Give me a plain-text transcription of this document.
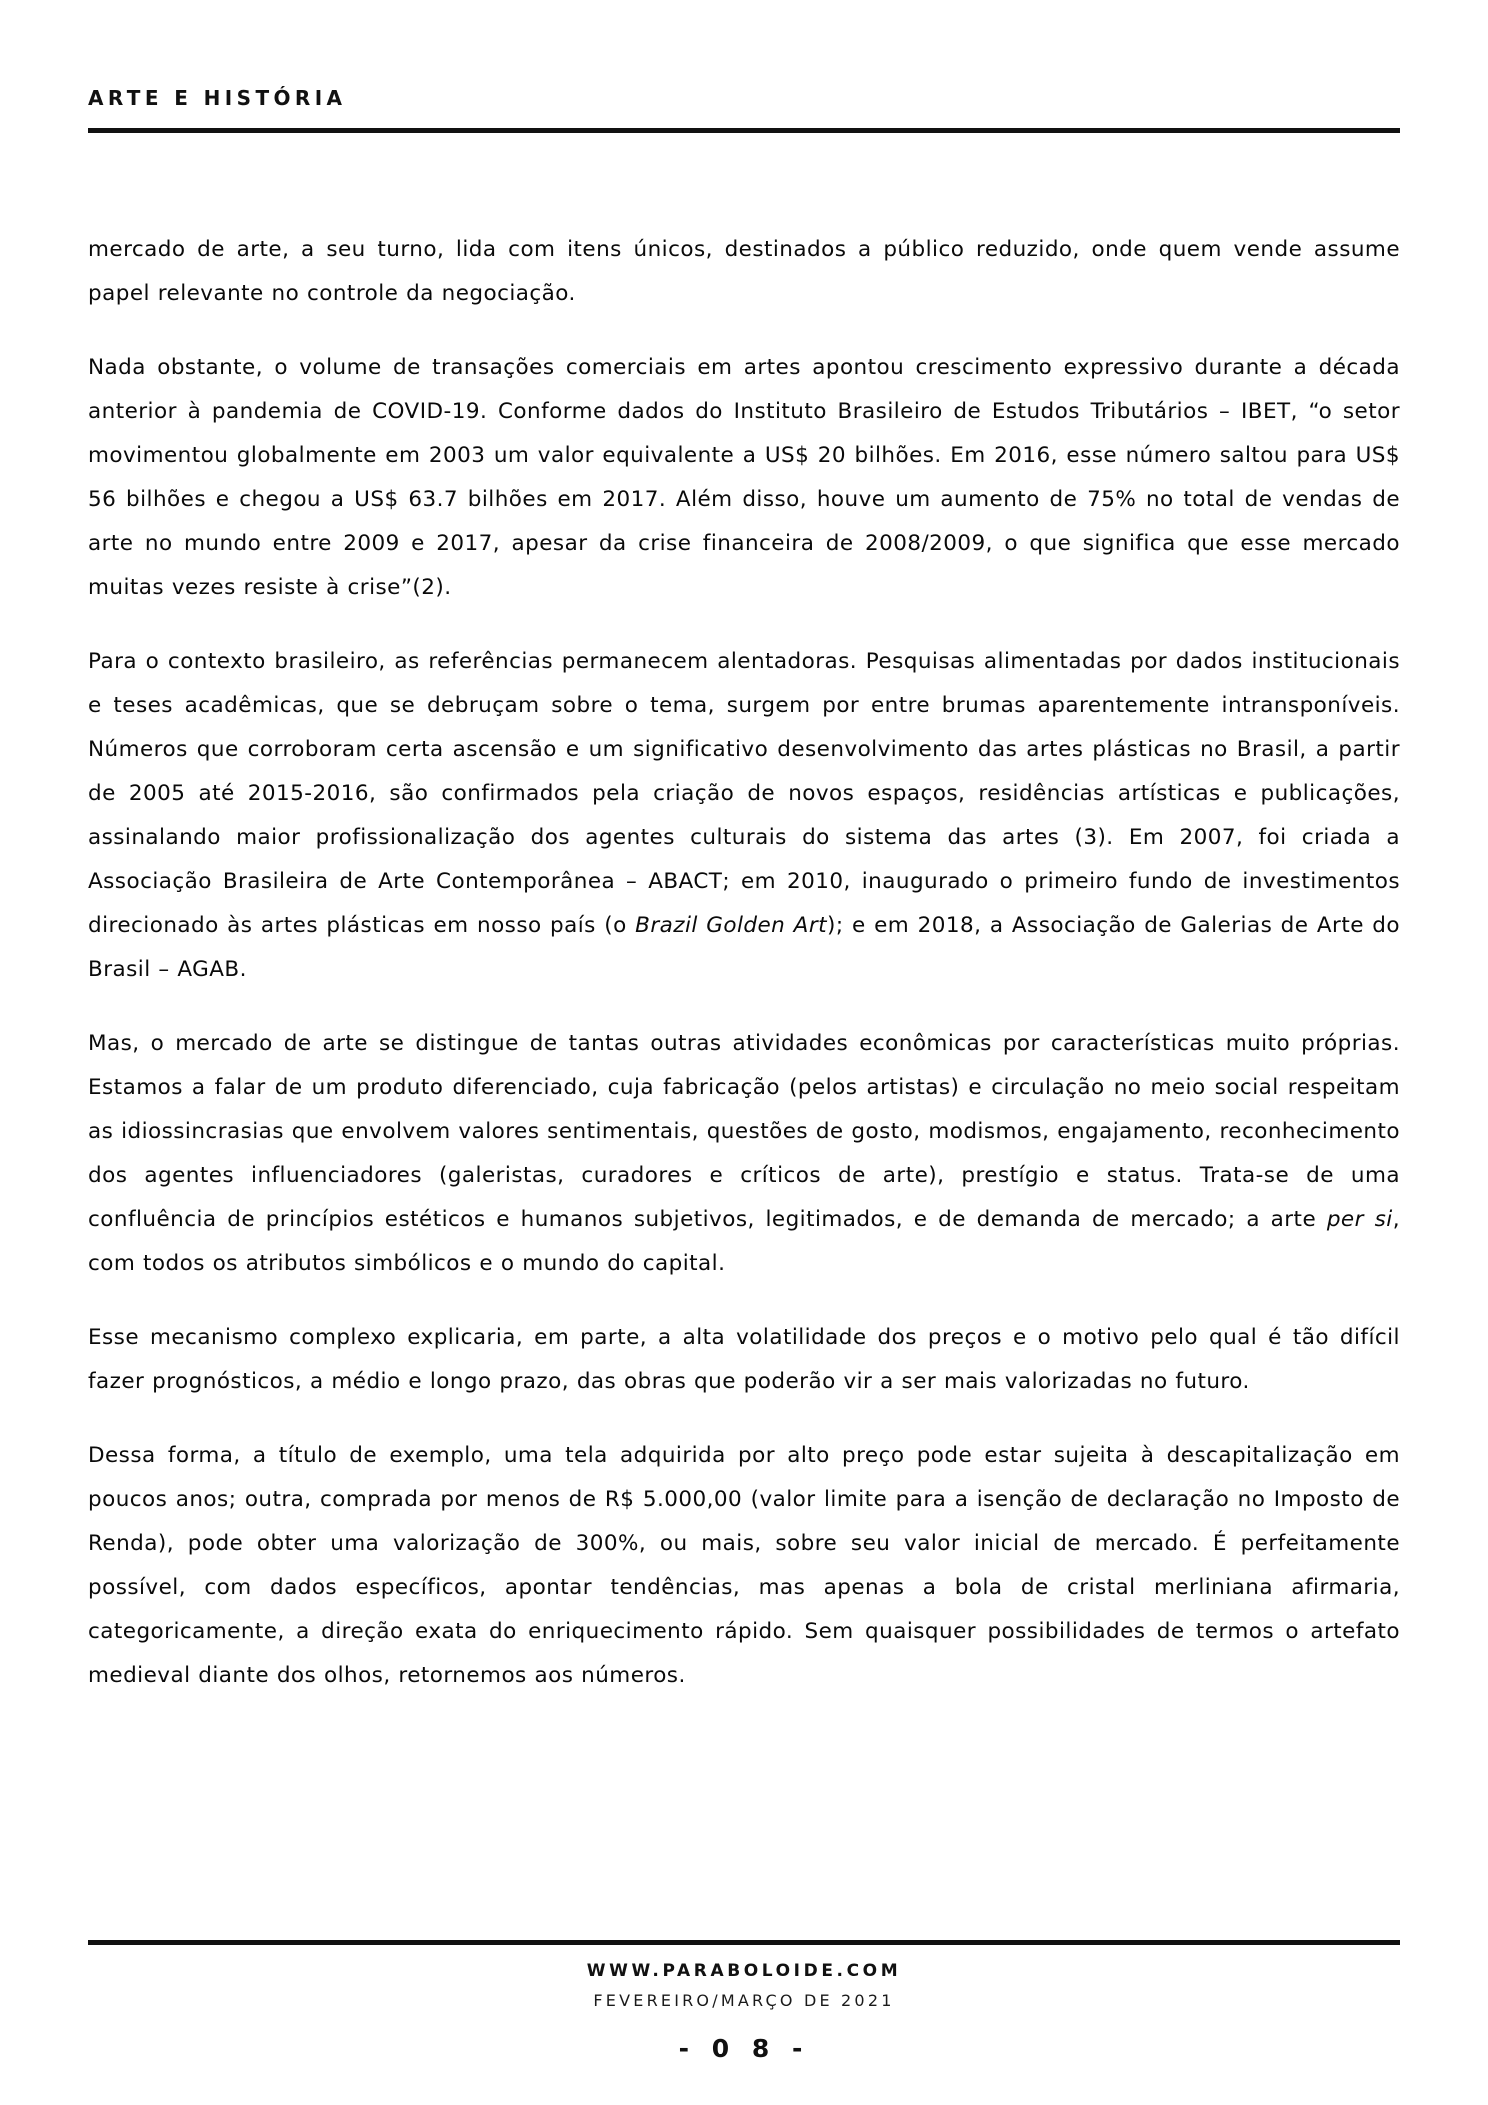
ARTE E HISTÓRIA

mercado de arte, a seu turno, lida com itens únicos, destinados a público reduzido, onde quem vende assume papel relevante no controle da negociação.

Nada obstante, o volume de transações comerciais em artes apontou crescimento expressivo durante a década anterior à pandemia de COVID-19. Conforme dados do Instituto Brasileiro de Estudos Tributários – IBET, “o setor movimentou globalmente em 2003 um valor equivalente a US$ 20 bilhões. Em 2016, esse número saltou para US$ 56 bilhões e chegou a US$ 63.7 bilhões em 2017. Além disso, houve um aumento de 75% no total de vendas de arte no mundo entre 2009 e 2017, apesar da crise financeira de 2008/2009, o que significa que esse mercado muitas vezes resiste à crise”(2).

Para o contexto brasileiro, as referências permanecem alentadoras. Pesquisas alimentadas por dados institucionais e teses acadêmicas, que se debruçam sobre o tema, surgem por entre brumas aparentemente intransponíveis. Números que corroboram certa ascensão e um significativo desenvolvimento das artes plásticas no Brasil, a partir de 2005 até 2015-2016, são confirmados pela criação de novos espaços, residências artísticas e publicações, assinalando maior profissionalização dos agentes culturais do sistema das artes (3). Em 2007, foi criada a Associação Brasileira de Arte Contemporânea – ABACT; em 2010, inaugurado o primeiro fundo de investimentos direcionado às artes plásticas em nosso país (o Brazil Golden Art); e em 2018, a Associação de Galerias de Arte do Brasil – AGAB.

Mas, o mercado de arte se distingue de tantas outras atividades econômicas por características muito próprias. Estamos a falar de um produto diferenciado, cuja fabricação (pelos artistas) e circulação no meio social respeitam as idiossincrasias que envolvem valores sentimentais, questões de gosto, modismos, engajamento, reconhecimento dos agentes influenciadores (galeristas, curadores e críticos de arte), prestígio e status. Trata-se de uma confluência de princípios estéticos e humanos subjetivos, legitimados, e de demanda de mercado; a arte per si, com todos os atributos simbólicos e o mundo do capital.

Esse mecanismo complexo explicaria, em parte, a alta volatilidade dos preços e o motivo pelo qual é tão difícil fazer prognósticos, a médio e longo prazo, das obras que poderão vir a ser mais valorizadas no futuro.

Dessa forma, a título de exemplo, uma tela adquirida por alto preço pode estar sujeita à descapitalização em poucos anos; outra, comprada por menos de R$ 5.000,00 (valor limite para a isenção de declaração no Imposto de Renda), pode obter uma valorização de 300%, ou mais, sobre seu valor inicial de mercado. É perfeitamente possível, com dados específicos, apontar tendências, mas apenas a bola de cristal merliniana afirmaria, categoricamente, a direção exata do enriquecimento rápido. Sem quaisquer possibilidades de termos o artefato medieval diante dos olhos, retornemos aos números.

WWW.PARABOLOIDE.COM
FEVEREIRO/MARÇO DE 2021
- 0 8 -
